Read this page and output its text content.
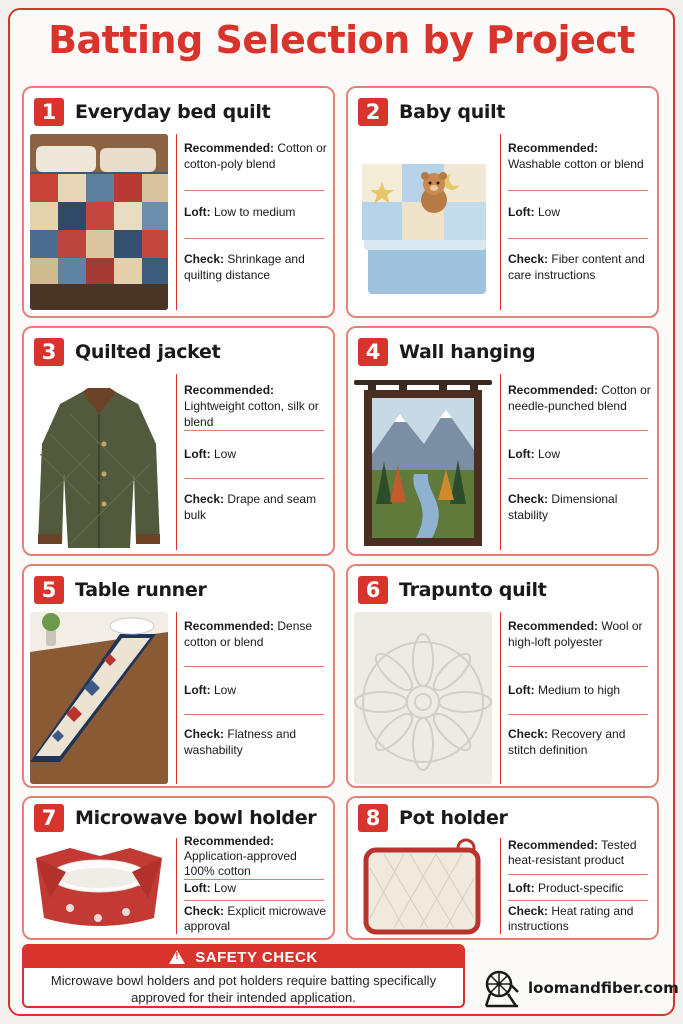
Batting Selection by Project
1 Everyday bed quilt
Recommended: Cotton or cotton-poly blend
Loft: Low to medium
Check: Shrinkage and quilting distance
2 Baby quilt
Recommended: Washable cotton or blend
Loft: Low
Check: Fiber content and care instructions
3 Quilted jacket
Recommended: Lightweight cotton, silk or blend
Loft: Low
Check: Drape and seam bulk
4 Wall hanging
Recommended: Cotton or needle-punched blend
Loft: Low
Check: Dimensional stability
5 Table runner
Recommended: Dense cotton or blend
Loft: Low
Check: Flatness and washability
6 Trapunto quilt
Recommended: Wool or high-loft polyester
Loft: Medium to high
Check: Recovery and stitch definition
7 Microwave bowl holder
Recommended:
Application-approved 100% cotton
Loft: Low
Check: Explicit microwave approval
8 Pot holder
Recommended: Tested heat-resistant product
Loft: Product-specific
Check: Heat rating and instructions
!
SAFETY CHECK
Microwave bowl holders and pot holders require batting specifically approved for their intended application.
loomandfiber.com
